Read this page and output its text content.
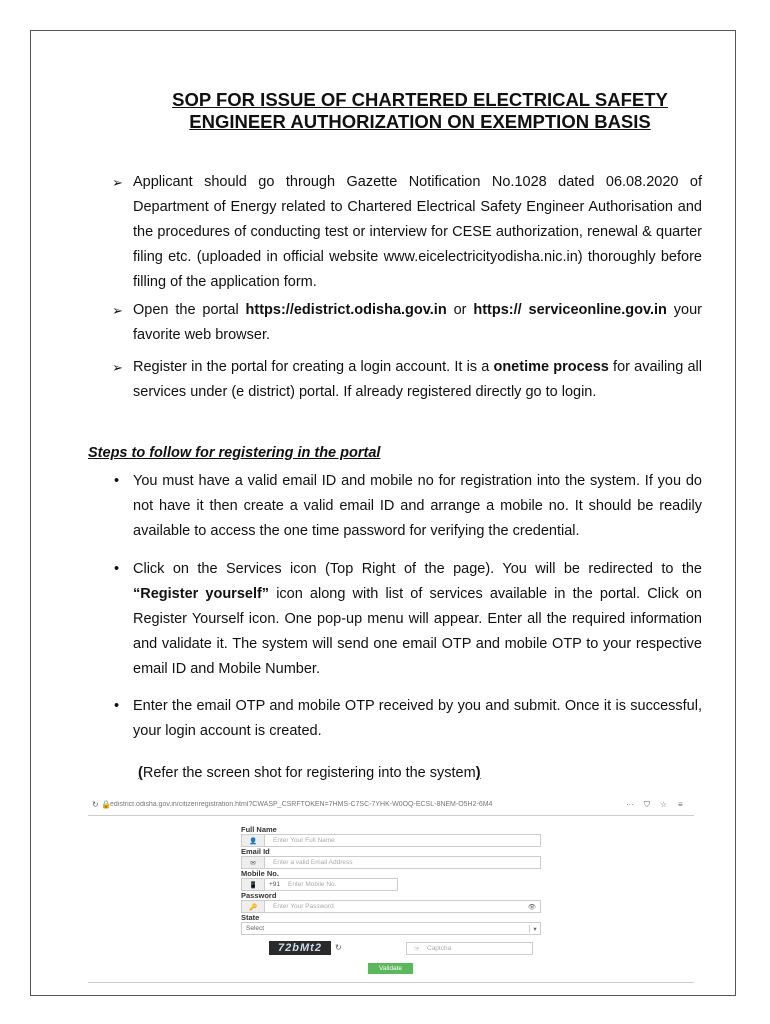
SOP FOR ISSUE OF CHARTERED ELECTRICAL SAFETY
ENGINEER AUTHORIZATION ON EXEMPTION BASIS
➢ Applicant should go through Gazette Notification No.1028 dated 06.08.2020 of Department of Energy related to Chartered Electrical Safety Engineer Authorisation and the procedures of conducting test or interview for CESE authorization, renewal & quarter filing etc. (uploaded in official website www.eicelectricityodisha.nic.in) thoroughly before filling of the application form.
➢ Open the portal https://edistrict.odisha.gov.in or https:// serviceonline.gov.in your favorite web browser.
➢ Register in the portal for creating a login account. It is a onetime process for availing all services under (e district) portal. If already registered directly go to login.
Steps to follow for registering in the portal
• You must have a valid email ID and mobile no for registration into the system. If you do not have it then create a valid email ID and arrange a mobile no. It should be readily available to access the one time password for verifying the credential.
• Click on the Services icon (Top Right of the page). You will be redirected to the “Register yourself” icon along with list of services available in the portal. Click on Register Yourself icon. One pop-up menu will appear. Enter all the required information and validate it. The system will send one email OTP and mobile OTP to your respective email ID and Mobile Number.
• Enter the email OTP and mobile OTP received by you and submit. Once it is successful, your login account is created.
(Refer the screen shot for registering into the system)
↻ 🔒 edistrict.odisha.gov.in/citizenregistration.html?CWASP_CSRFTOKEN=7HMS-C7SC-7YHK-W0OQ-ECSL-8NEM-O5H2-6M4	··· ⛉ ☆ ≡
Full Name
👤	Enter Your Full Name
Email Id
✉	Enter a valid Email Address
Mobile No.
📱	+91	Enter Mobile No.
Password
🔑	Enter Your Password	👁
State
Select	▾
72bMt2	↻	☞	Captcha
Validate
